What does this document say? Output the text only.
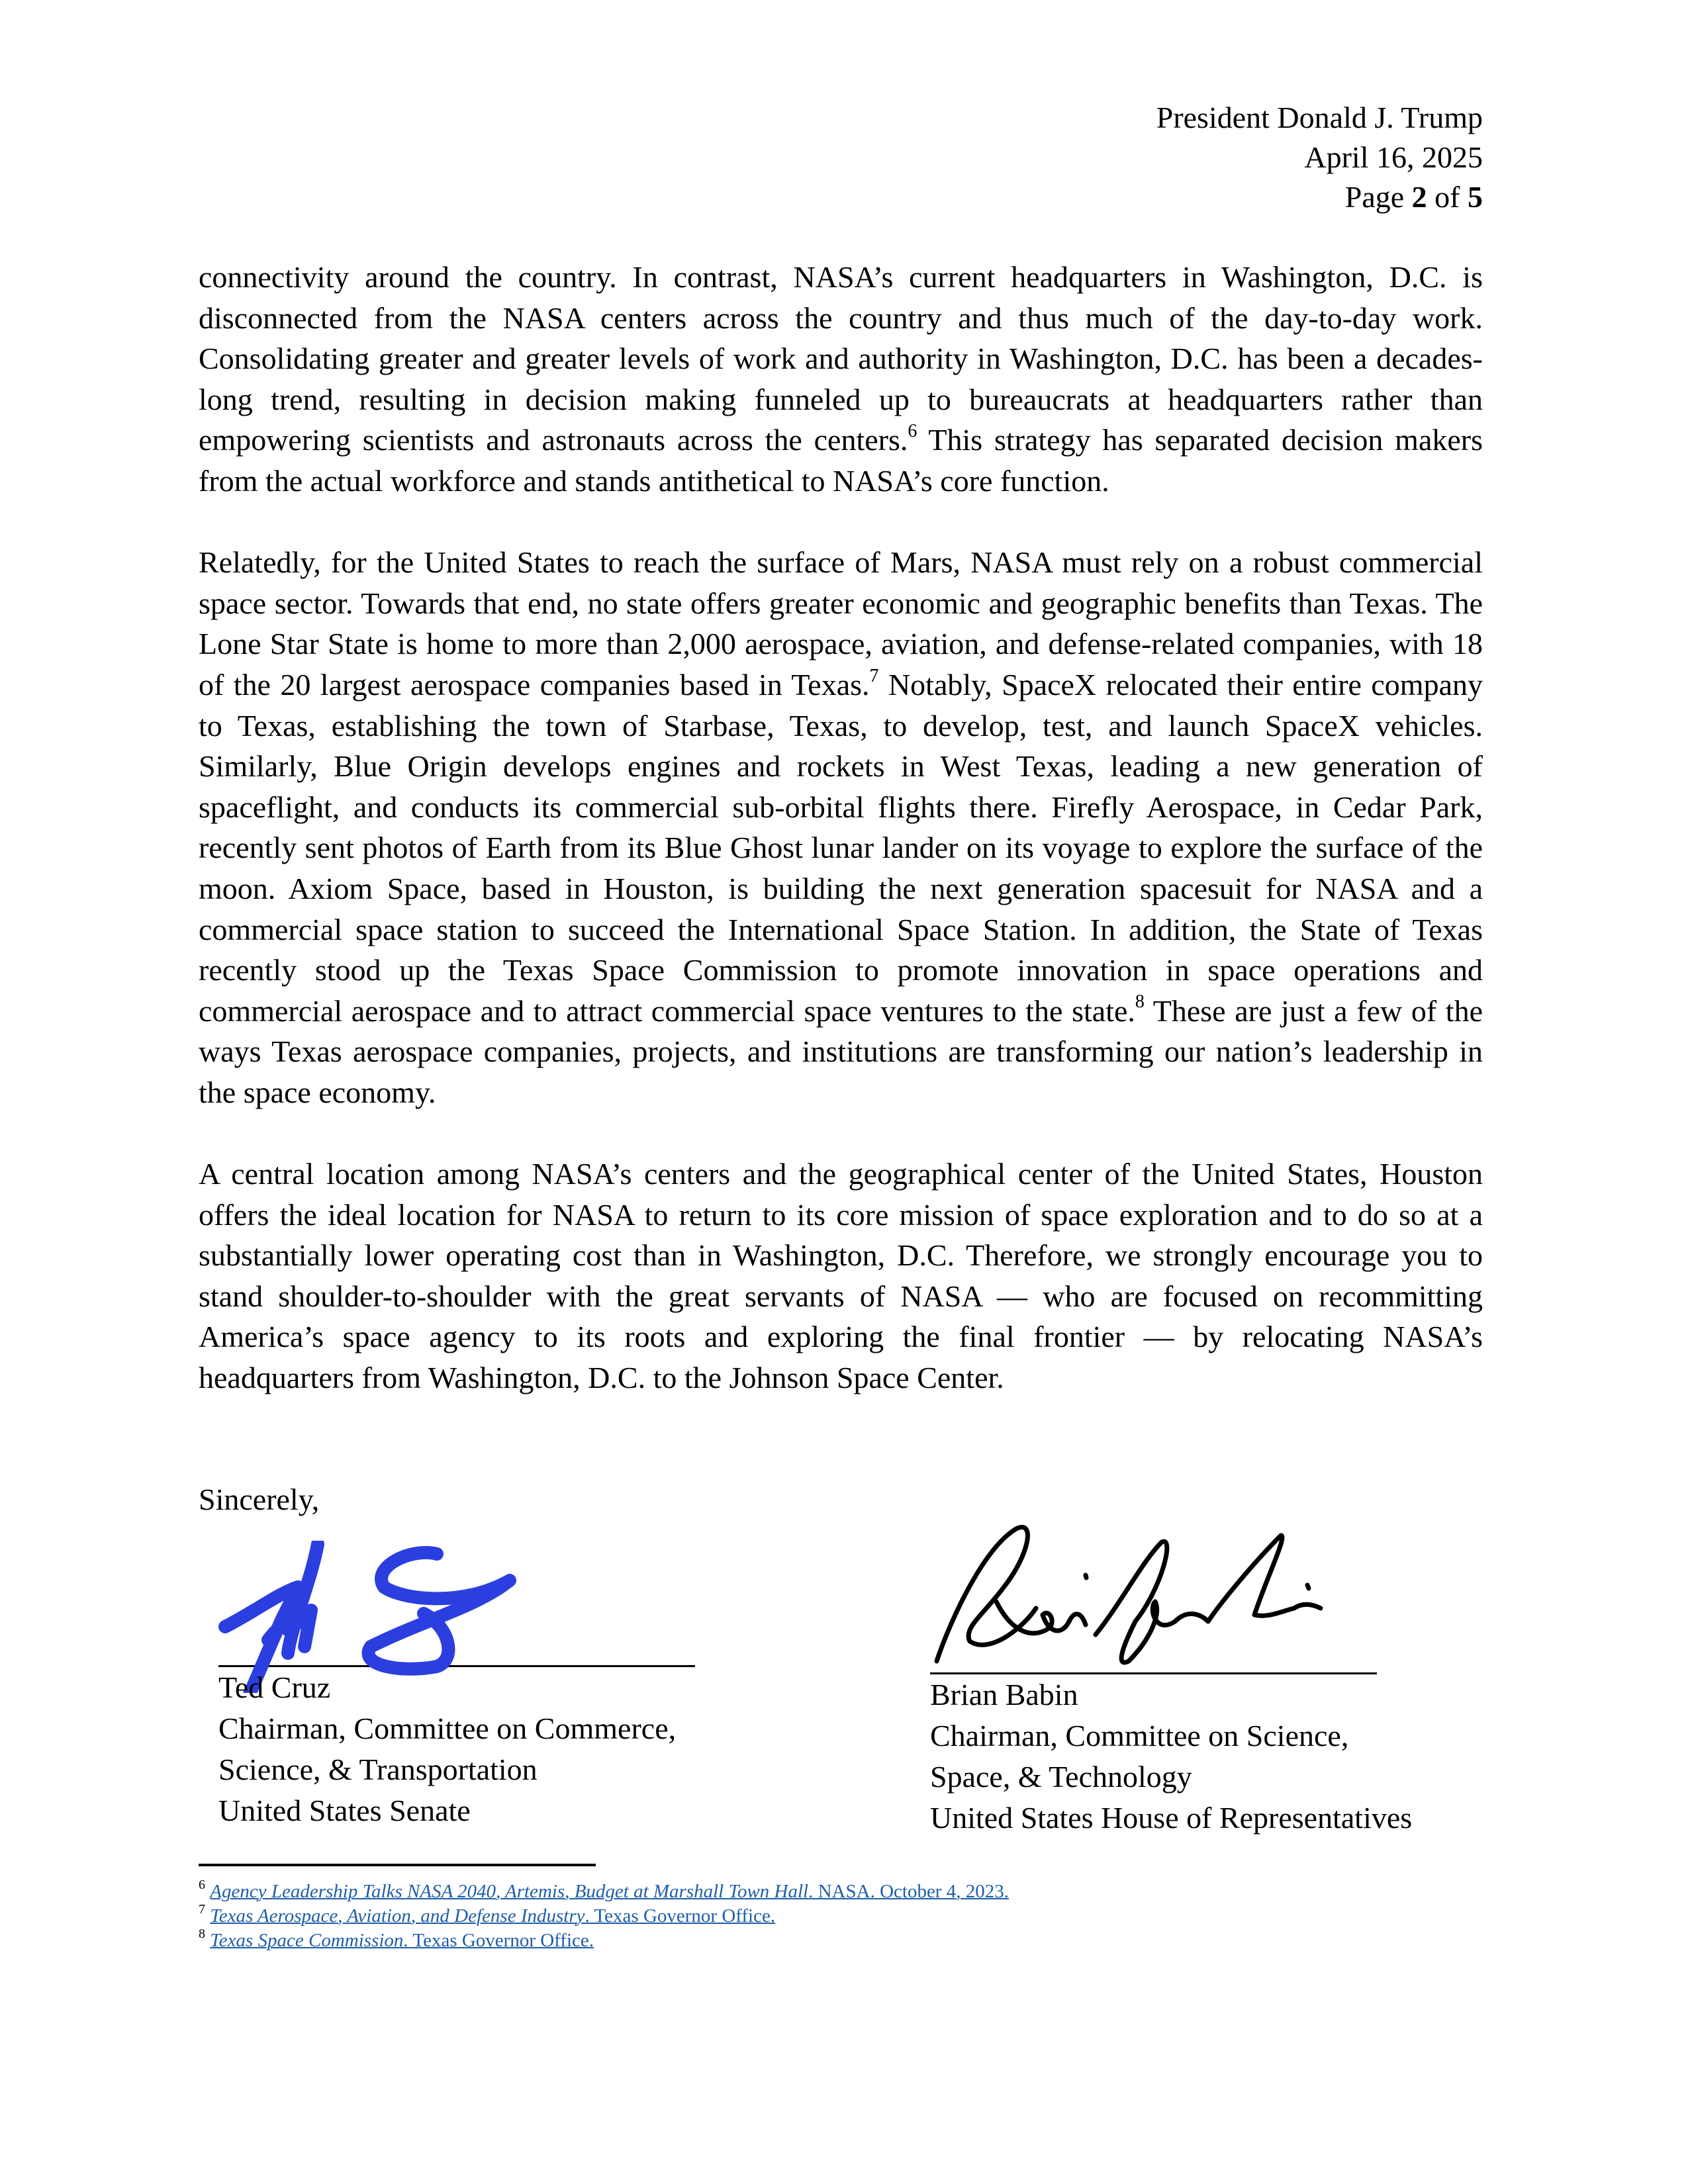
President Donald J. Trump
April 16, 2025
Page 2 of 5

connectivity around the country. In contrast, NASA’s current headquarters in Washington, D.C. is disconnected from the NASA centers across the country and thus much of the day-to-day work. Consolidating greater and greater levels of work and authority in Washington, D.C. has been a decades-long trend, resulting in decision making funneled up to bureaucrats at headquarters rather than empowering scientists and astronauts across the centers.$^6$ This strategy has separated decision makers from the actual workforce and stands antithetical to NASA’s core function.

Relatedly, for the United States to reach the surface of Mars, NASA must rely on a robust commercial space sector. Towards that end, no state offers greater economic and geographic benefits than Texas. The Lone Star State is home to more than 2,000 aerospace, aviation, and defense-related companies, with 18 of the 20 largest aerospace companies based in Texas.$^7$ Notably, SpaceX relocated their entire company to Texas, establishing the town of Starbase, Texas, to develop, test, and launch SpaceX vehicles. Similarly, Blue Origin develops engines and rockets in West Texas, leading a new generation of spaceflight, and conducts its commercial sub-orbital flights there. Firefly Aerospace, in Cedar Park, recently sent photos of Earth from its Blue Ghost lunar lander on its voyage to explore the surface of the moon. Axiom Space, based in Houston, is building the next generation spacesuit for NASA and a commercial space station to succeed the International Space Station. In addition, the State of Texas recently stood up the Texas Space Commission to promote innovation in space operations and commercial aerospace and to attract commercial space ventures to the state.$^8$ These are just a few of the ways Texas aerospace companies, projects, and institutions are transforming our nation’s leadership in the space economy.

A central location among NASA’s centers and the geographical center of the United States, Houston offers the ideal location for NASA to return to its core mission of space exploration and to do so at a substantially lower operating cost than in Washington, D.C. Therefore, we strongly encourage you to stand shoulder-to-shoulder with the great servants of NASA — who are focused on recommitting America’s space agency to its roots and exploring the final frontier — by relocating NASA’s headquarters from Washington, D.C. to the Johnson Space Center.

Sincerely,
Ted Cruz
Chairman, Committee on Commerce,
Science, & Transportation
United States Senate
Brian Babin
Chairman, Committee on Science,
Space, & Technology
United States House of Representatives
$^6$ Agency Leadership Talks NASA 2040, Artemis, Budget at Marshall Town Hall. NASA. October 4, 2023.
$^7$ Texas Aerospace, Aviation, and Defense Industry. Texas Governor Office.
$^8$ Texas Space Commission. Texas Governor Office.
